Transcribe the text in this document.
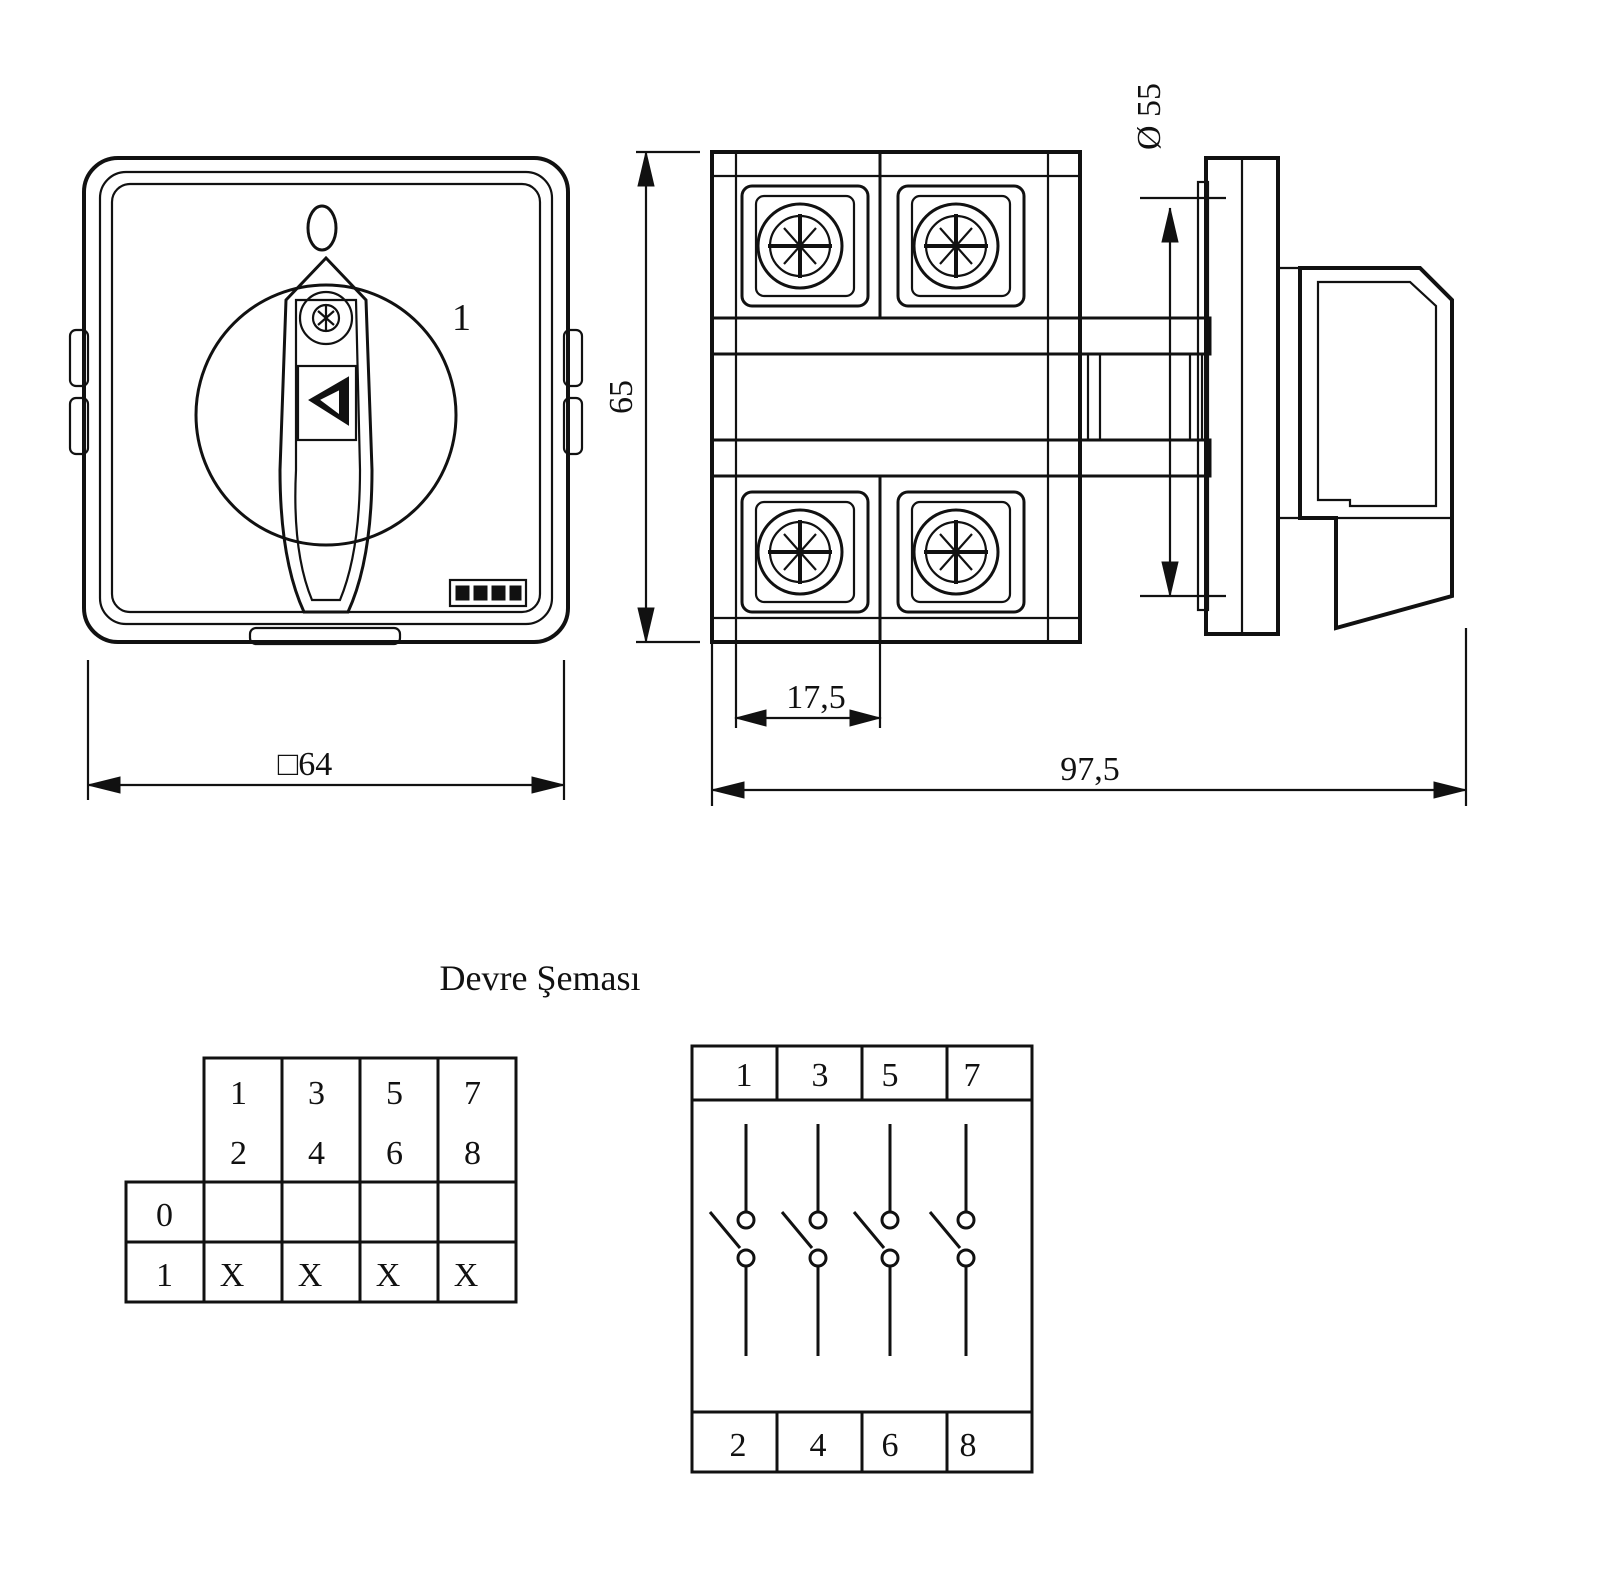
1
□64
65
Ø 55
17,5
97,5
Devre Şeması
1
2
3
4
5
6
7
8
0
1 X X X X
1 3 5 7
2 4 6 8
